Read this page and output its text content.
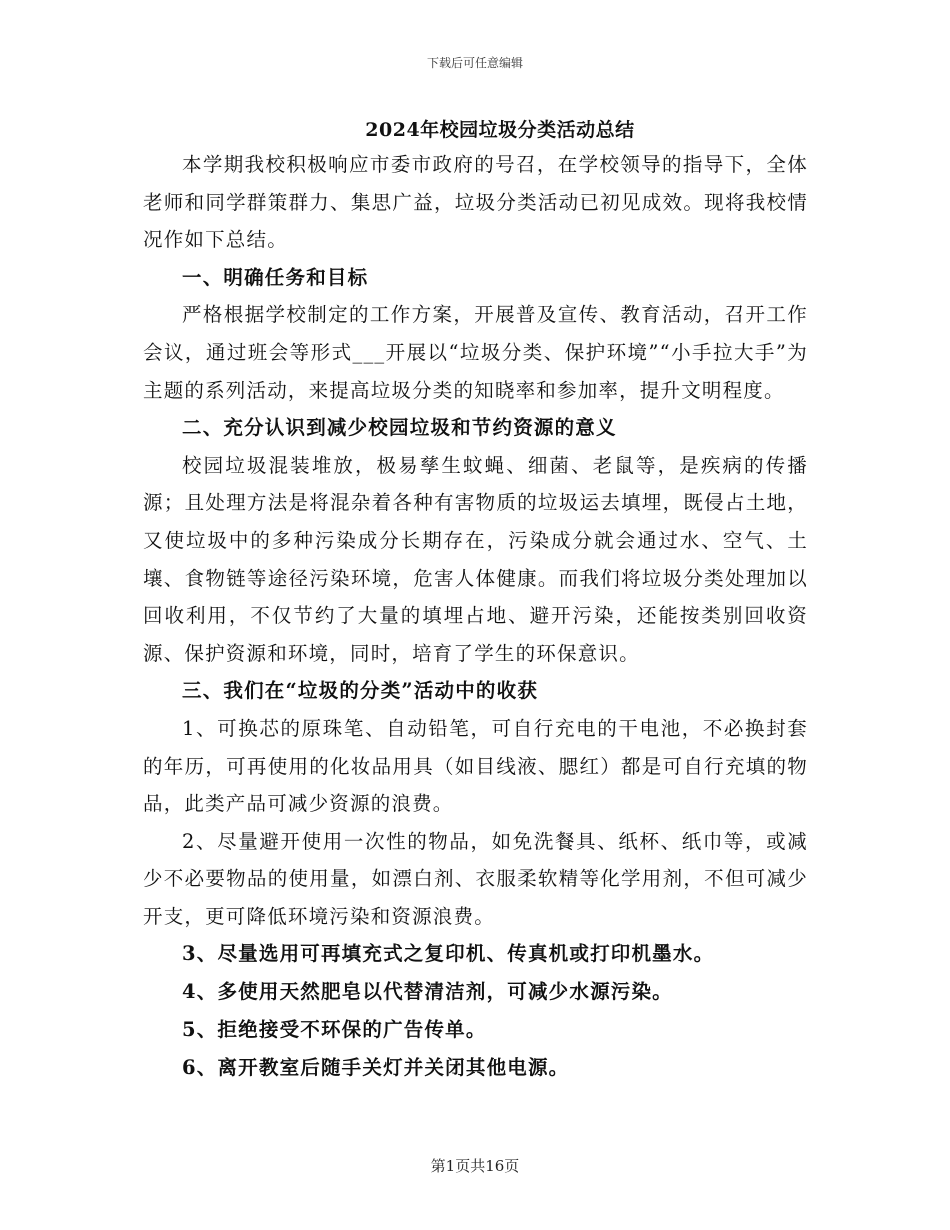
下载后可任意编辑
2024年校园垃圾分类活动总结

本学期我校积极响应市委市政府的号召，在学校领导的指导下，全体老师和同学群策群力、集思广益，垃圾分类活动已初见成效。现将我校情况作如下总结。

一、明确任务和目标

严格根据学校制定的工作方案，开展普及宣传、教育活动，召开工作会议，通过班会等形式___开展以“垃圾分类、保护环境”“小手拉大手”为主题的系列活动，来提高垃圾分类的知晓率和参加率，提升文明程度。

二、充分认识到减少校园垃圾和节约资源的意义

校园垃圾混装堆放，极易孳生蚊蝇、细菌、老鼠等，是疾病的传播源；且处理方法是将混杂着各种有害物质的垃圾运去填埋，既侵占土地，又使垃圾中的多种污染成分长期存在，污染成分就会通过水、空气、土壤、食物链等途径污染环境，危害人体健康。而我们将垃圾分类处理加以回收利用，不仅节约了大量的填埋占地、避开污染，还能按类别回收资源、保护资源和环境，同时，培育了学生的环保意识。

三、我们在“垃圾的分类”活动中的收获

1、可换芯的原珠笔、自动铅笔，可自行充电的干电池，不必换封套的年历，可再使用的化妆品用具（如目线液、腮红）都是可自行充填的物品，此类产品可减少资源的浪费。

2、尽量避开使用一次性的物品，如免洗餐具、纸杯、纸巾等，或减少不必要物品的使用量，如漂白剂、衣服柔软精等化学用剂，不但可减少开支，更可降低环境污染和资源浪费。

3、尽量选用可再填充式之复印机、传真机或打印机墨水。

4、多使用天然肥皂以代替清洁剂，可减少水源污染。

5、拒绝接受不环保的广告传单。

6、离开教室后随手关灯并关闭其他电源。

第1页共16页
